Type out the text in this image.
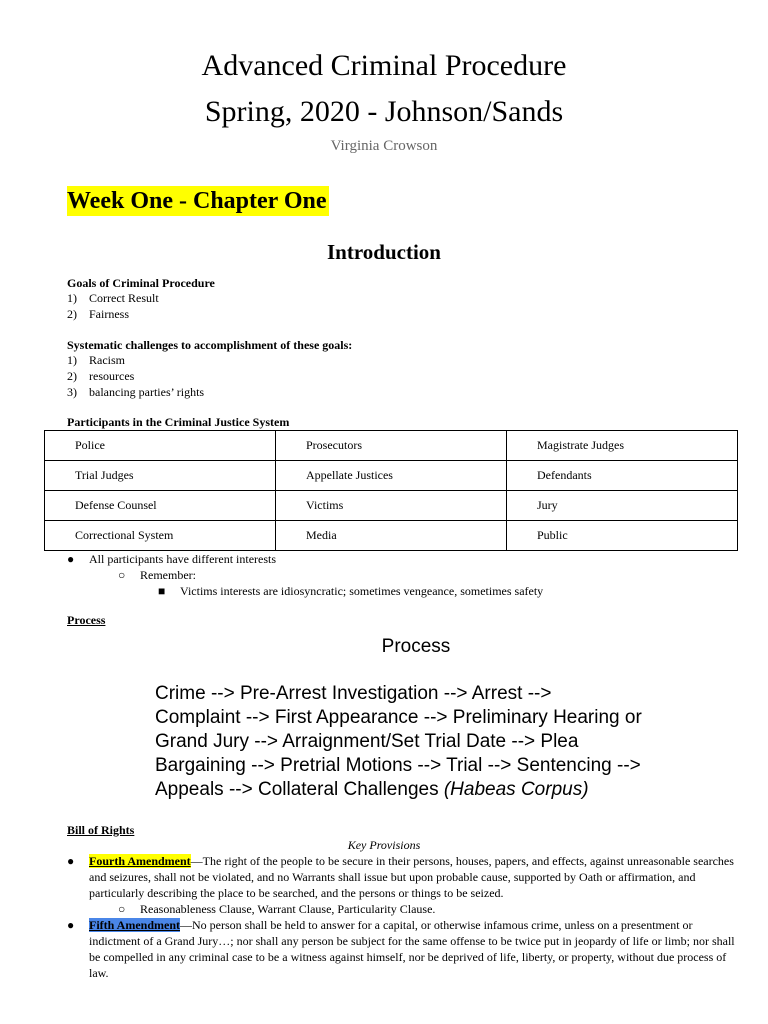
Advanced Criminal Procedure
Spring, 2020 - Johnson/Sands
Virginia Crowson
Week One - Chapter One
Introduction
Goals of Criminal Procedure
1)	Correct Result
2)	Fairness
Systematic challenges to accomplishment of these goals:
1)	Racism
2)	resources
3)	balancing parties’ rights
Participants in the Criminal Justice System
Police	Prosecutors	Magistrate Judges
Trial Judges	Appellate Justices	Defendants
Defense Counsel	Victims	Jury
Correctional System	Media	Public
● All participants have different interests
○ Remember:
■ Victims interests are idiosyncratic; sometimes vengeance, sometimes safety
Process
Process
Crime --> Pre-Arrest Investigation --> Arrest -->
Complaint --> First Appearance --> Preliminary Hearing or
Grand Jury --> Arraignment/Set Trial Date --> Plea
Bargaining --> Pretrial Motions --> Trial --> Sentencing -->
Appeals --> Collateral Challenges (Habeas Corpus)
Bill of Rights
Key Provisions
● Fourth Amendment—The right of the people to be secure in their persons, houses, papers, and effects, against unreasonable searches and seizures, shall not be violated, and no Warrants shall issue but upon probable cause, supported by Oath or affirmation, and particularly describing the place to be searched, and the persons or things to be seized.
○ Reasonableness Clause, Warrant Clause, Particularity Clause.
● Fifth Amendment—No person shall be held to answer for a capital, or otherwise infamous crime, unless on a presentment or indictment of a Grand Jury…; nor shall any person be subject for the same offense to be twice put in jeopardy of life or limb; nor shall be compelled in any criminal case to be a witness against himself, nor be deprived of life, liberty, or property, without due process of law.
